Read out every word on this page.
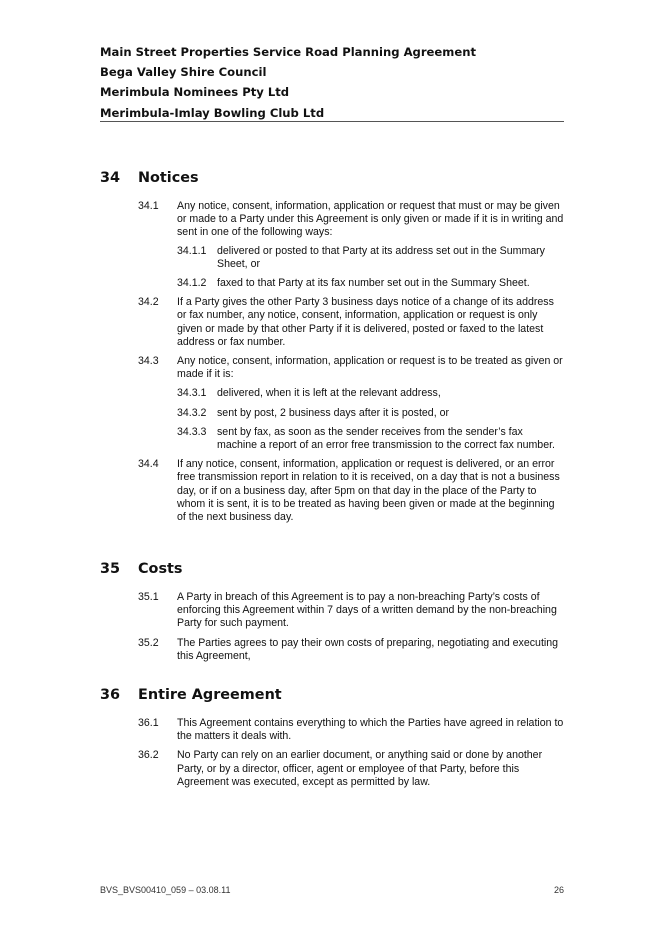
Main Street Properties Service Road Planning Agreement
Bega Valley Shire Council
Merimbula Nominees Pty Ltd
Merimbula-Imlay Bowling Club Ltd
34 Notices
34.1 Any notice, consent, information, application or request that must or may be given or made to a Party under this Agreement is only given or made if it is in writing and sent in one of the following ways:
34.1.1 delivered or posted to that Party at its address set out in the Summary Sheet, or
34.1.2 faxed to that Party at its fax number set out in the Summary Sheet.
34.2 If a Party gives the other Party 3 business days notice of a change of its address or fax number, any notice, consent, information, application or request is only given or made by that other Party if it is delivered, posted or faxed to the latest address or fax number.
34.3 Any notice, consent, information, application or request is to be treated as given or made if it is:
34.3.1 delivered, when it is left at the relevant address,
34.3.2 sent by post, 2 business days after it is posted, or
34.3.3 sent by fax, as soon as the sender receives from the sender’s fax machine a report of an error free transmission to the correct fax number.
34.4 If any notice, consent, information, application or request is delivered, or an error free transmission report in relation to it is received, on a day that is not a business day, or if on a business day, after 5pm on that day in the place of the Party to whom it is sent, it is to be treated as having been given or made at the beginning of the next business day.
35 Costs
35.1 A Party in breach of this Agreement is to pay a non-breaching Party’s costs of enforcing this Agreement within 7 days of a written demand by the non-breaching Party for such payment.
35.2 The Parties agrees to pay their own costs of preparing, negotiating and executing this Agreement,
36 Entire Agreement
36.1 This Agreement contains everything to which the Parties have agreed in relation to the matters it deals with.
36.2 No Party can rely on an earlier document, or anything said or done by another Party, or by a director, officer, agent or employee of that Party, before this Agreement was executed, except as permitted by law.
BVS_BVS00410_059 – 03.08.11	26
